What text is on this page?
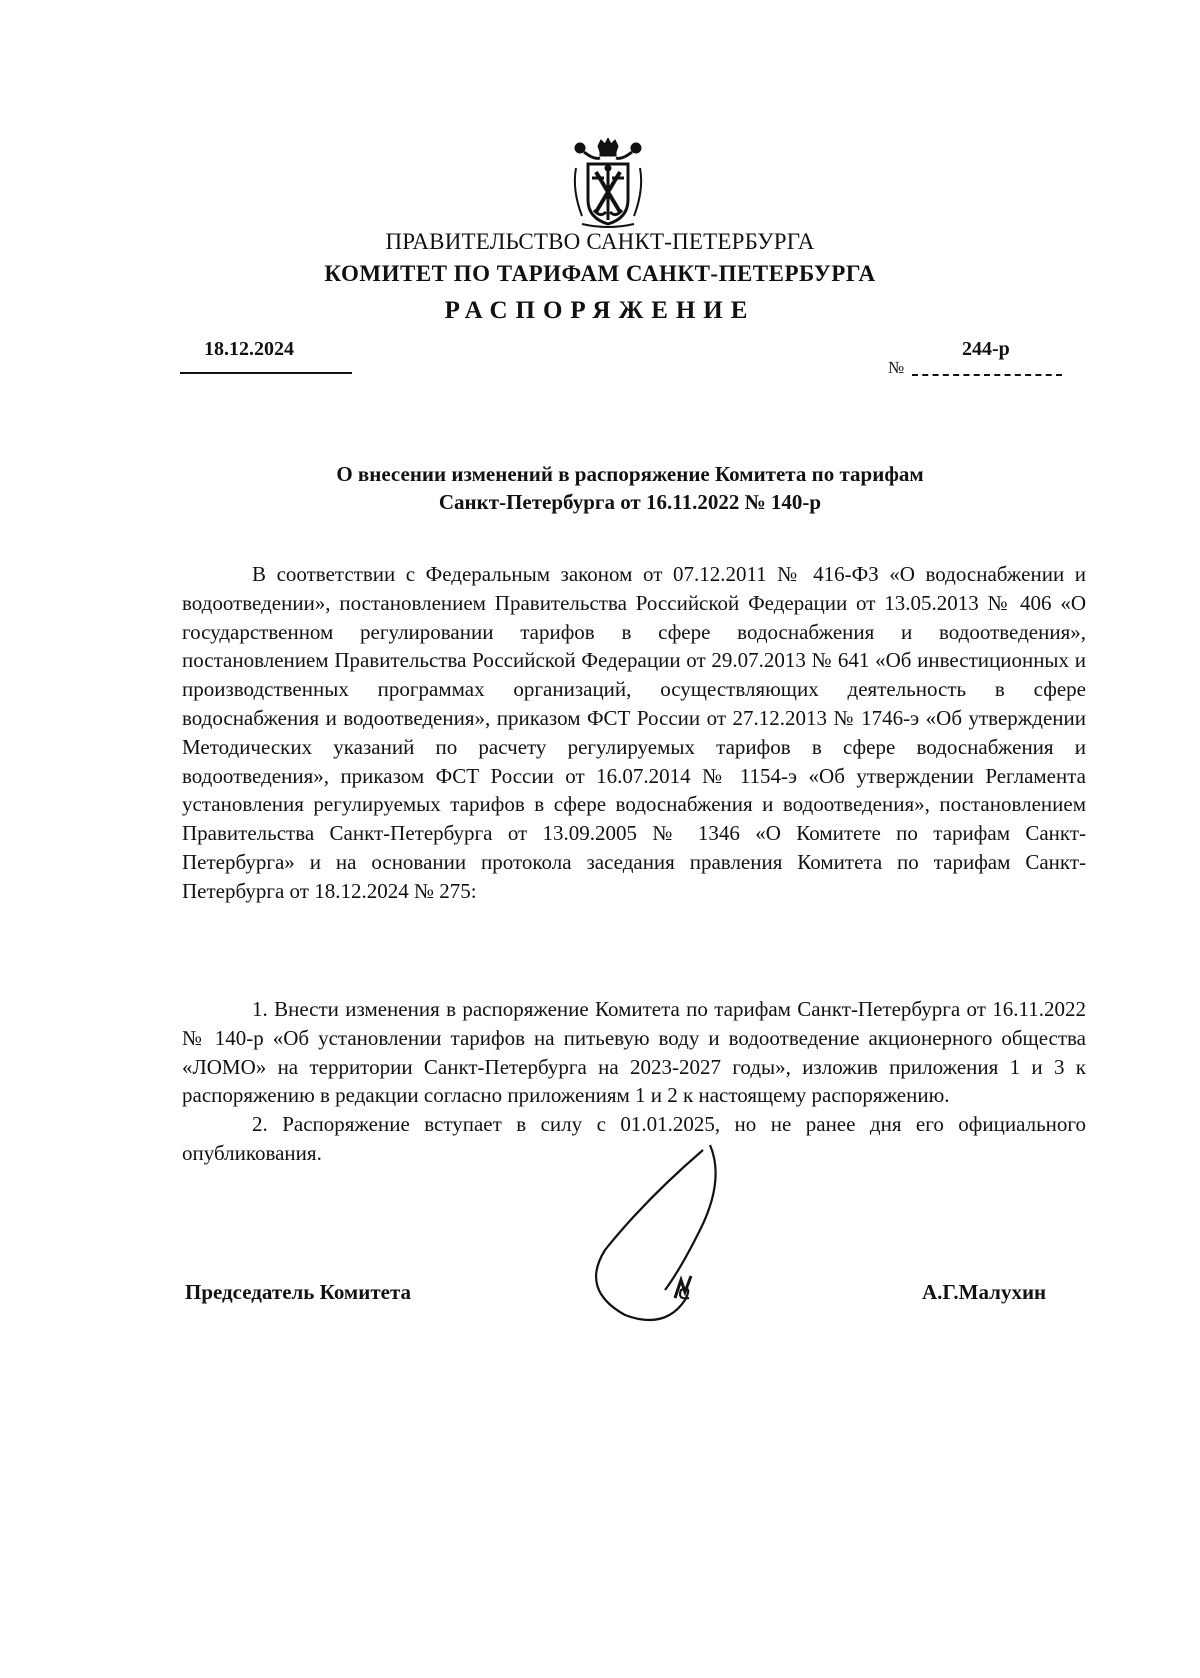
ПРАВИТЕЛЬСТВО САНКТ-ПЕТЕРБУРГА
КОМИТЕТ ПО ТАРИФАМ САНКТ-ПЕТЕРБУРГА
РАСПОРЯЖЕНИЕ
18.12.2024
№
244-р
О внесении изменений в распоряжение Комитета по тарифам
Санкт-Петербурга от 16.11.2022 № 140-р

В соответствии с Федеральным законом от 07.12.2011 № 416-ФЗ «О водоснабжении и водоотведении», постановлением Правительства Российской Федерации от 13.05.2013 № 406 «О государственном регулировании тарифов в сфере водоснабжения и водоотведения», постановлением Правительства Российской Федерации от 29.07.2013 № 641 «Об инвестиционных и производственных программах организаций, осуществляющих деятельность в сфере водоснабжения и водоотведения», приказом ФСТ России от 27.12.2013 № 1746-э «Об утверждении Методических указаний по расчету регулируемых тарифов в сфере водоснабжения и водоотведения», приказом ФСТ России от 16.07.2014 № 1154-э «Об утверждении Регламента установления регулируемых тарифов в сфере водоснабжения и водоотведения», постановлением Правительства Санкт-Петербурга от 13.09.2005 № 1346 «О Комитете по тарифам Санкт-Петербурга» и на основании протокола заседания правления Комитета по тарифам Санкт-Петербурга от 18.12.2024 № 275:

1. Внести изменения в распоряжение Комитета по тарифам Санкт-Петербурга от 16.11.2022 № 140-р «Об установлении тарифов на питьевую воду и водоотведение акционерного общества «ЛОМО» на территории Санкт-Петербурга на 2023-2027 годы», изложив приложения 1 и 3 к распоряжению в редакции согласно приложениям 1 и 2 к настоящему распоряжению.

2. Распоряжение вступает в силу с 01.01.2025, но не ранее дня его официального опубликования.

Председатель Комитета	А.Г.Малухин
